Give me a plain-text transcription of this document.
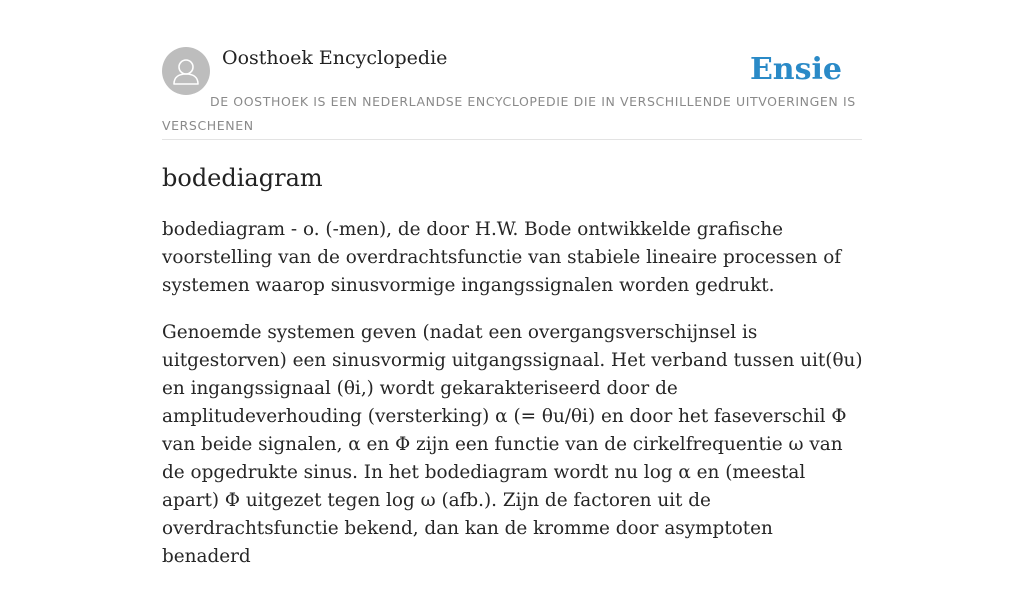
Oosthoek Encyclopedie	Ensie
DE OOSTHOEK IS EEN NEDERLANDSE ENCYCLOPEDIE DIE IN VERSCHILLENDE UITVOERINGEN IS VERSCHENEN
bodediagram

bodediagram - o. (-men), de door H.W. Bode ontwikkelde grafische voorstelling van de overdrachtsfunctie van stabiele lineaire processen of systemen waarop sinusvormige ingangssignalen worden gedrukt.

Genoemde systemen geven (nadat een overgangsverschijnsel is uitgestorven) een sinusvormig uitgangssignaal. Het verband tussen uit(θu) en ingangssignaal (θi,) wordt gekarakteriseerd door de amplitudeverhouding (versterking) α (= θu/θi) en door het faseverschil Φ van beide signalen, α en Φ zijn een functie van de cirkelfrequentie ω van de opgedrukte sinus. In het bodediagram wordt nu log α en (meestal apart) Φ uitgezet tegen log ω (afb.). Zijn de factoren uit de overdrachtsfunctie bekend, dan kan de kromme door asymptoten benaderd
